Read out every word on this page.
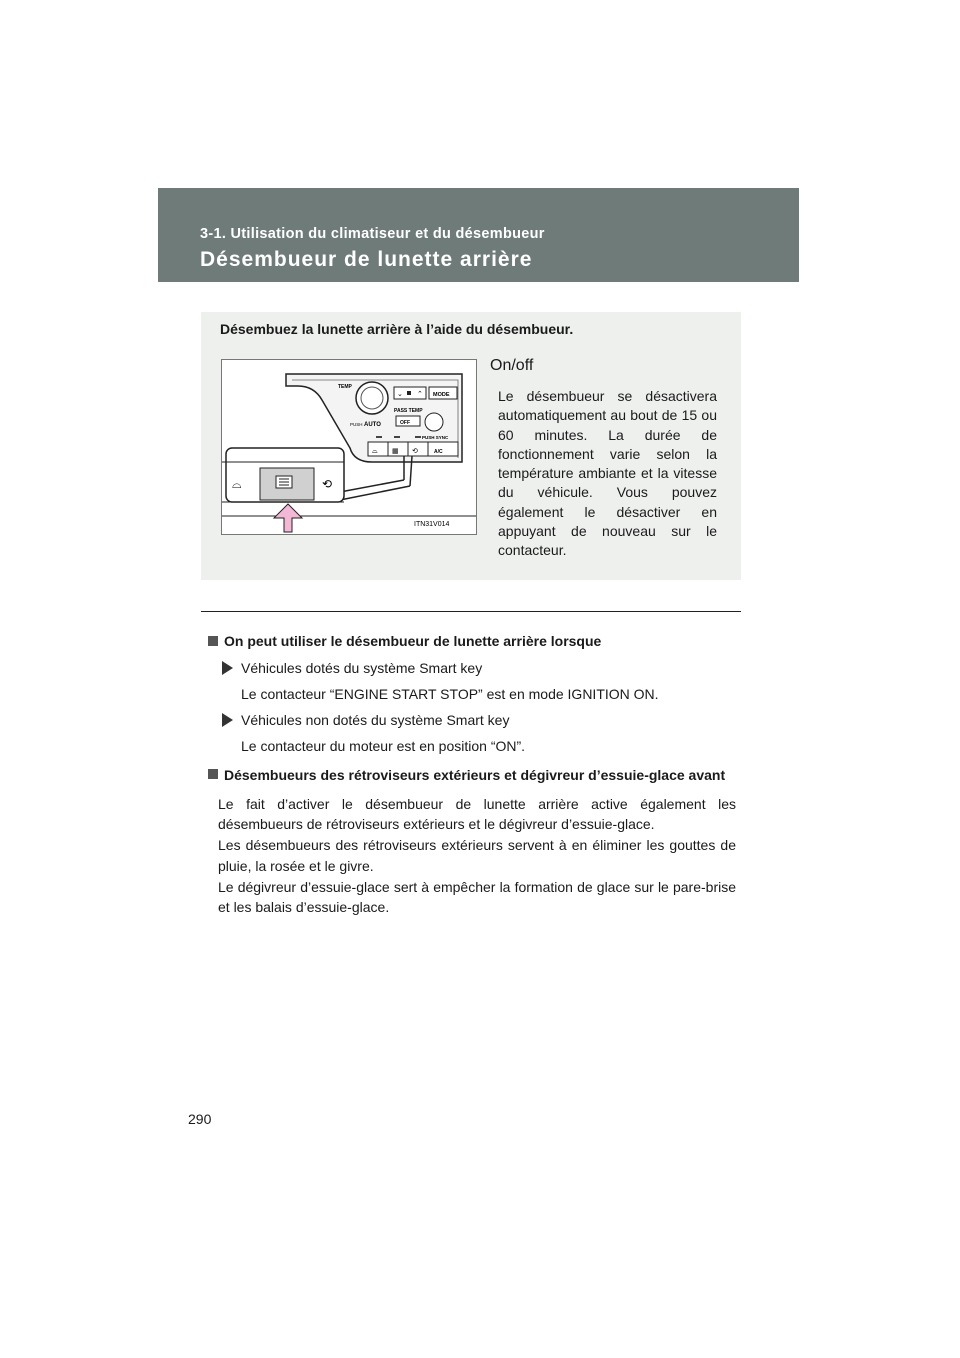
3-1. Utilisation du climatiseur et du désembueur
Désembueur de lunette arrière
Désembuez la lunette arrière à l’aide du désembueur.
TEMP
⌄ ⌃ MODE
PASS TEMP
OFF
PUSH SYNC
PUSH AUTO
⌓ ▦ ⟲	A/C
⌓	⟲
ITN31V014
On/off
Le désembueur se désactivera automatiquement au bout de 15 ou 60 minutes. La durée de fonctionnement varie selon la température ambiante et la vitesse du véhicule. Vous pouvez également le désactiver en appuyant de nouveau sur le contacteur.
On peut utiliser le désembueur de lunette arrière lorsque
Véhicules dotés du système Smart key
Le contacteur “ENGINE START STOP” est en mode IGNITION ON.
Véhicules non dotés du système Smart key
Le contacteur du moteur est en position “ON”.
Désembueurs des rétroviseurs extérieurs et dégivreur d’essuie-glace avant
Le fait d’activer le désembueur de lunette arrière active également les désembueurs de rétroviseurs extérieurs et le dégivreur d’essuie-glace.
Les désembueurs des rétroviseurs extérieurs servent à en éliminer les gouttes de pluie, la rosée et le givre.
Le dégivreur d’essuie-glace sert à empêcher la formation de glace sur le pare-brise et les balais d’essuie-glace.
290
